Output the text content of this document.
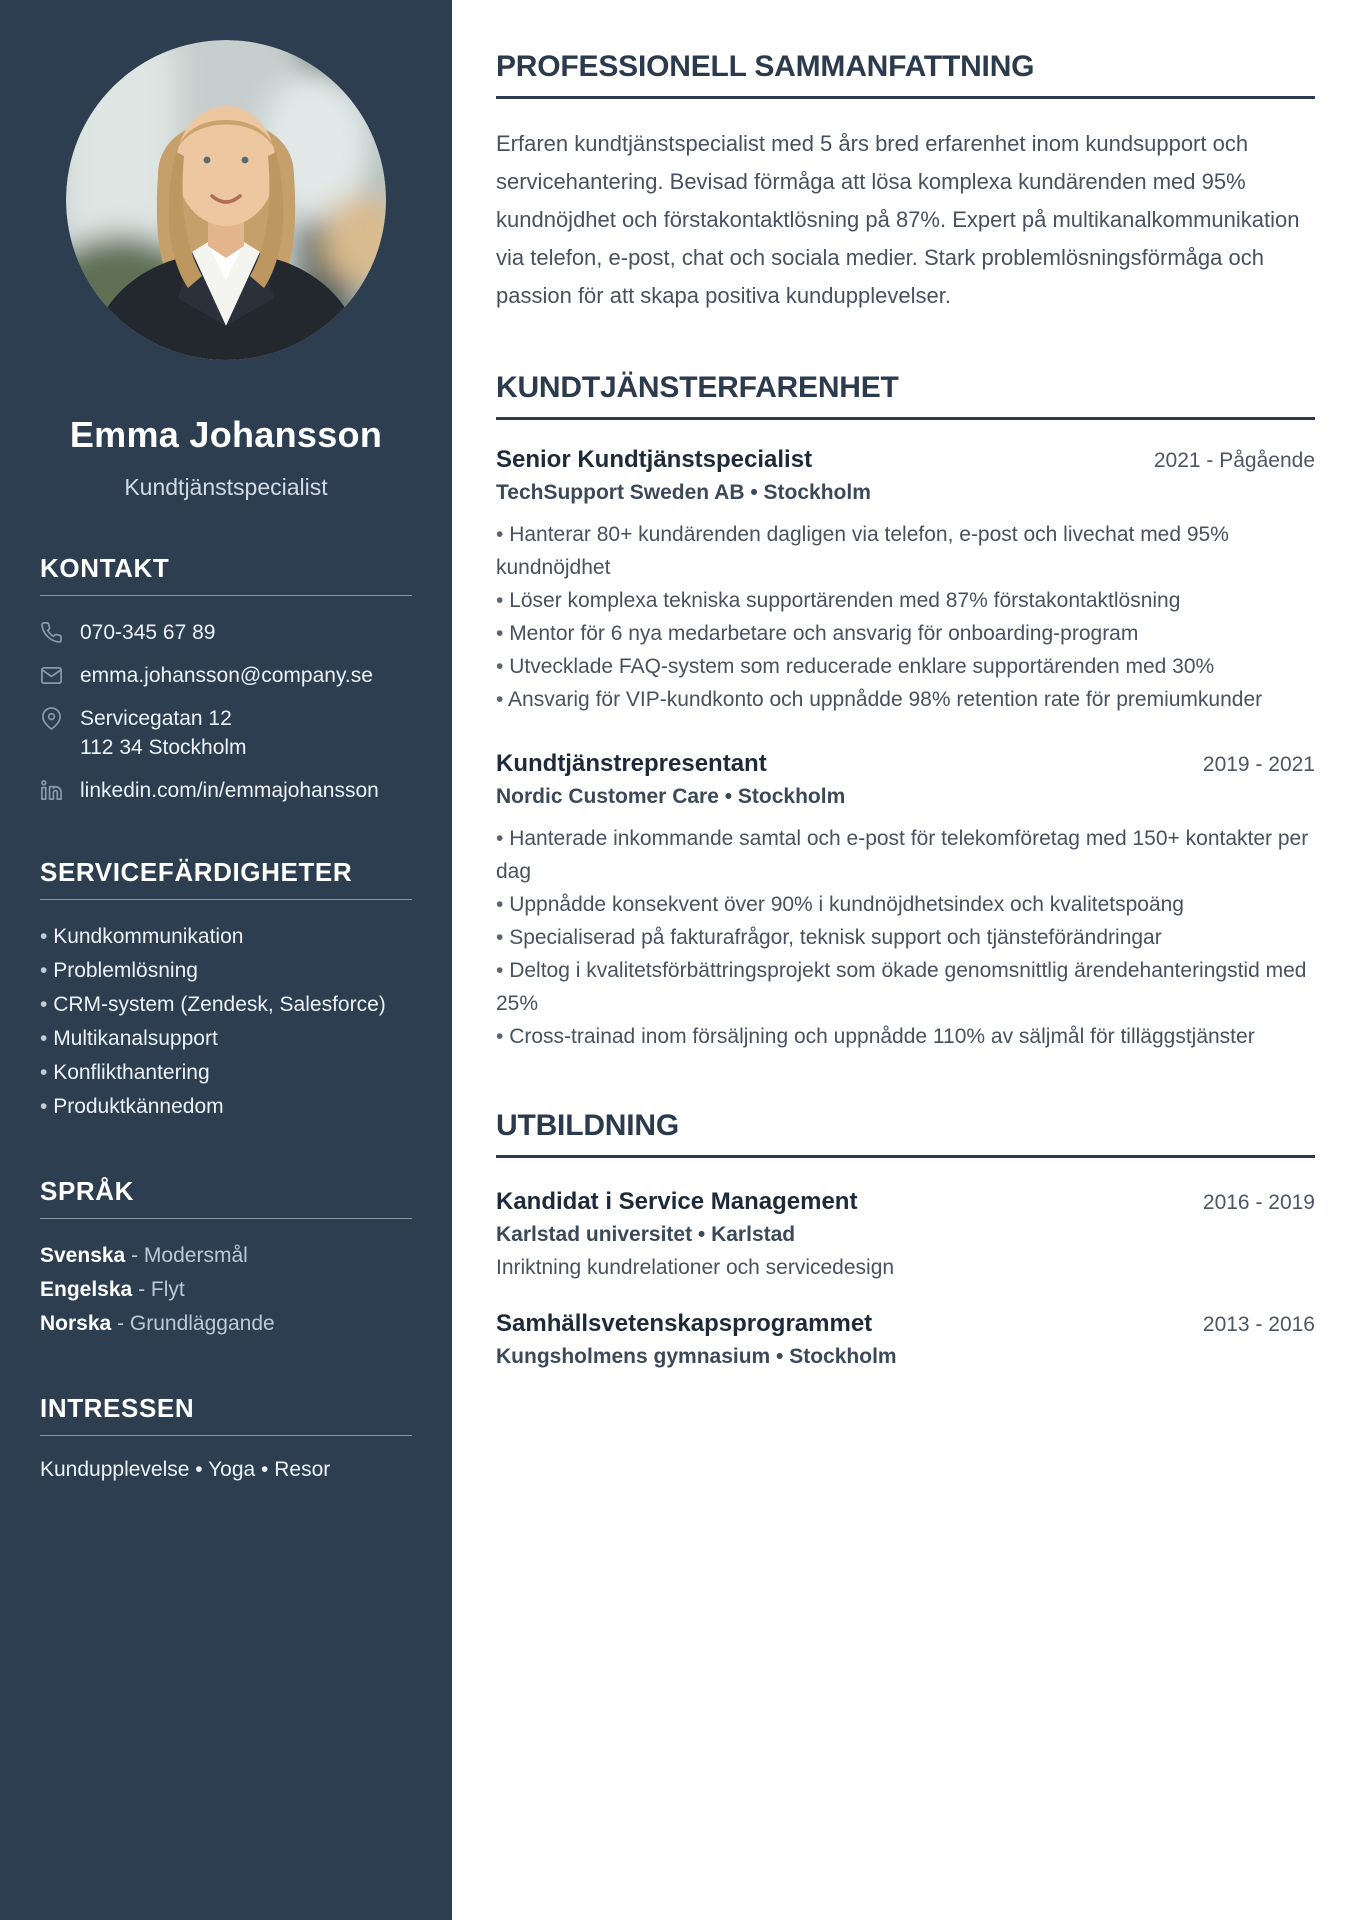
Emma Johansson
Kundtjänstspecialist
KONTAKT
070-345 67 89
emma.johansson@company.se
Servicegatan 12
112 34 Stockholm
linkedin.com/in/emmajohansson
SERVICEFÄRDIGHETER
• Kundkommunikation
• Problemlösning
• CRM-system (Zendesk, Salesforce)
• Multikanalsupport
• Konflikthantering
• Produktkännedom
SPRÅK
Svenska - Modersmål
Engelska - Flyt
Norska - Grundläggande
INTRESSEN
Kundupplevelse • Yoga • Resor
PROFESSIONELL SAMMANFATTNING

Erfaren kundtjänstspecialist med 5 års bred erfarenhet inom kundsupport och servicehantering. Bevisad förmåga att lösa komplexa kundärenden med 95% kundnöjdhet och förstakontaktlösning på 87%. Expert på multikanalkommunikation via telefon, e-post, chat och sociala medier. Stark problemlösningsförmåga och passion för att skapa positiva kundupplevelser.

KUNDTJÄNSTERFARENHET
Senior Kundtjänstspecialist	2021 - Pågående
TechSupport Sweden AB • Stockholm
• Hanterar 80+ kundärenden dagligen via telefon, e-post och livechat med 95% kundnöjdhet
• Löser komplexa tekniska supportärenden med 87% förstakontaktlösning
• Mentor för 6 nya medarbetare och ansvarig för onboarding-program
• Utvecklade FAQ-system som reducerade enklare supportärenden med 30%
• Ansvarig för VIP-kundkonto och uppnådde 98% retention rate för premiumkunder
Kundtjänstrepresentant	2019 - 2021
Nordic Customer Care • Stockholm
• Hanterade inkommande samtal och e-post för telekomföretag med 150+ kontakter per dag
• Uppnådde konsekvent över 90% i kundnöjdhetsindex och kvalitetspoäng
• Specialiserad på fakturafrågor, teknisk support och tjänsteförändringar
• Deltog i kvalitetsförbättringsprojekt som ökade genomsnittlig ärendehanteringstid med 25%
• Cross-trainad inom försäljning och uppnådde 110% av säljmål för tilläggstjänster
UTBILDNING
Kandidat i Service Management	2016 - 2019
Karlstad universitet • Karlstad
Inriktning kundrelationer och servicedesign
Samhällsvetenskapsprogrammet	2013 - 2016
Kungsholmens gymnasium • Stockholm
